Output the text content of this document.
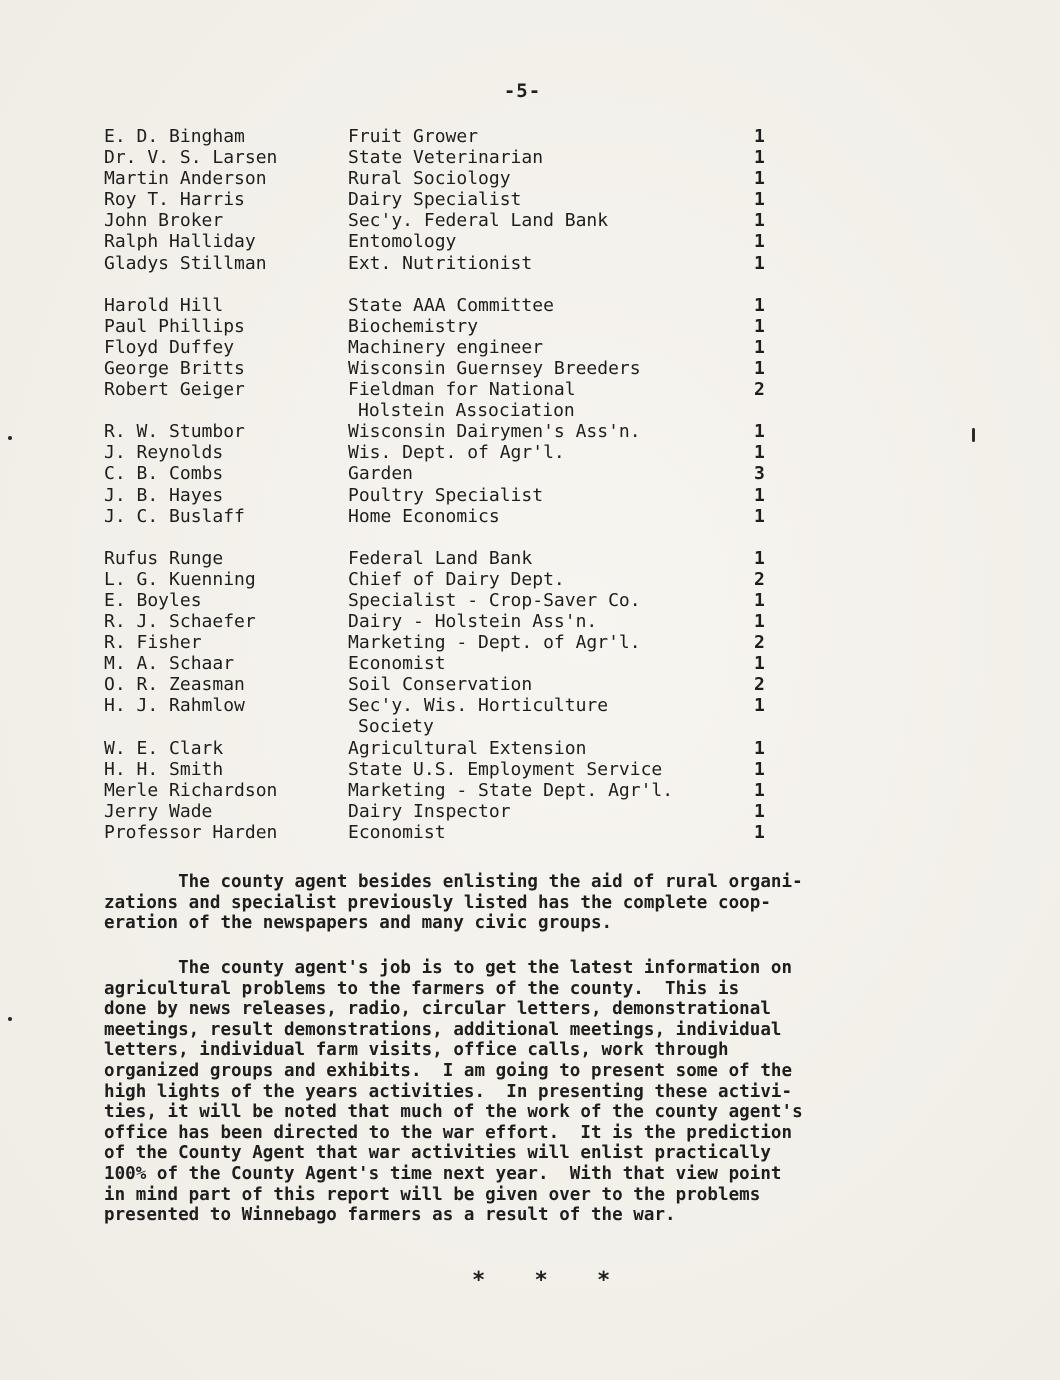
-5-
E. D. Bingham	Fruit Grower	1
Dr. V. S. Larsen	State Veterinarian	1
Martin Anderson	Rural Sociology	1
Roy T. Harris	Dairy Specialist	1
John Broker	Sec'y. Federal Land Bank	1
Ralph Halliday	Entomology	1
Gladys Stillman	Ext. Nutritionist	1
Harold Hill	State AAA Committee	1
Paul Phillips	Biochemistry	1
Floyd Duffey	Machinery engineer	1
George Britts	Wisconsin Guernsey Breeders	1
Robert Geiger	Fieldman for National	2
Holstein Association
R. W. Stumbor	Wisconsin Dairymen's Ass'n.	1
J. Reynolds	Wis. Dept. of Agr'l.	1
C. B. Combs	Garden	3
J. B. Hayes	Poultry Specialist	1
J. C. Buslaff	Home Economics	1
Rufus Runge	Federal Land Bank	1
L. G. Kuenning	Chief of Dairy Dept.	2
E. Boyles	Specialist - Crop-Saver Co.	1
R. J. Schaefer	Dairy - Holstein Ass'n.	1
R. Fisher	Marketing - Dept. of Agr'l.	2
M. A. Schaar	Economist	1
O. R. Zeasman	Soil Conservation	2
H. J. Rahmlow	Sec'y. Wis. Horticulture	1
Society
W. E. Clark	Agricultural Extension	1
H. H. Smith	State U.S. Employment Service	1
Merle Richardson	Marketing - State Dept. Agr'l.	1
Jerry Wade	Dairy Inspector	1
Professor Harden	Economist	1
The county agent besides enlisting the aid of rural organi-
zations and specialist previously listed has the complete coop-
eration of the newspapers and many civic groups.
The county agent's job is to get the latest information on
agricultural problems to the farmers of the county.  This is
done by news releases, radio, circular letters, demonstrational
meetings, result demonstrations, additional meetings, individual
letters, individual farm visits, office calls, work through
organized groups and exhibits.  I am going to present some of the
high lights of the years activities.  In presenting these activi-
ties, it will be noted that much of the work of the county agent's
office has been directed to the war effort.  It is the prediction
of the County Agent that war activities will enlist practically
100% of the County Agent's time next year.  With that view point
in mind part of this report will be given over to the problems
presented to Winnebago farmers as a result of the war.
* * *
